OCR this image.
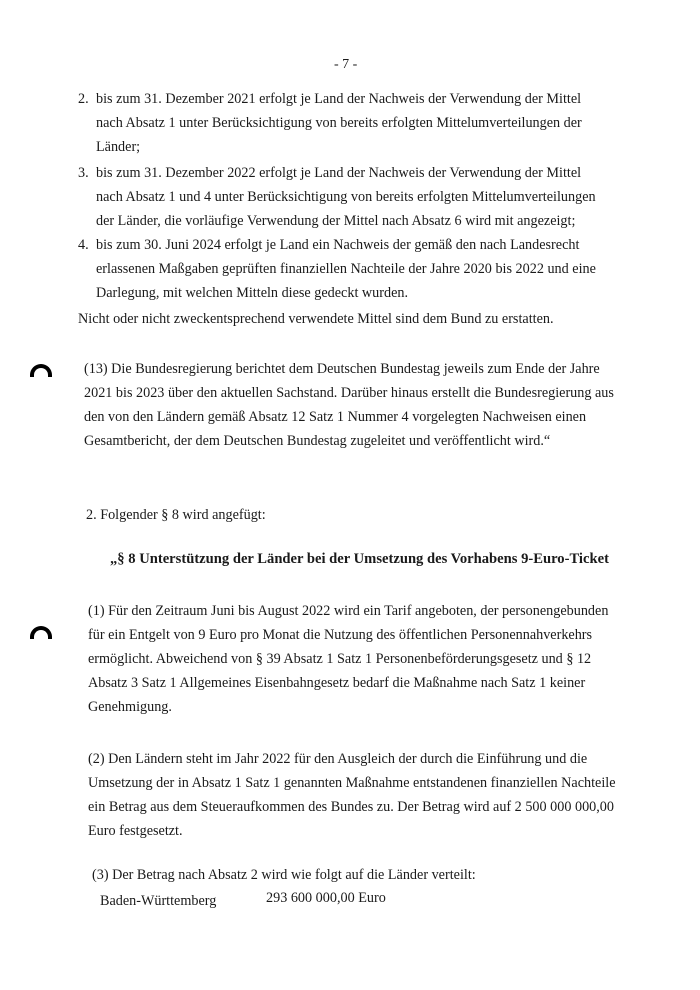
- 7 -
2. bis zum 31. Dezember 2021 erfolgt je Land der Nachweis der Verwendung der Mittel
nach Absatz 1 unter Berücksichtigung von bereits erfolgten Mittelumverteilungen der
Länder;
3. bis zum 31. Dezember 2022 erfolgt je Land der Nachweis der Verwendung der Mittel
nach Absatz 1 und 4 unter Berücksichtigung von bereits erfolgten Mittelumverteilungen
der Länder, die vorläufige Verwendung der Mittel nach Absatz 6 wird mit angezeigt;
4. bis zum 30. Juni 2024 erfolgt je Land ein Nachweis der gemäß den nach Landesrecht
erlassenen Maßgaben geprüften finanziellen Nachteile der Jahre 2020 bis 2022 und eine
Darlegung, mit welchen Mitteln diese gedeckt wurden.
Nicht oder nicht zweckentsprechend verwendete Mittel sind dem Bund zu erstatten.
(13) Die Bundesregierung berichtet dem Deutschen Bundestag jeweils zum Ende der Jahre
2021 bis 2023 über den aktuellen Sachstand. Darüber hinaus erstellt die Bundesregierung aus
den von den Ländern gemäß Absatz 12 Satz 1 Nummer 4 vorgelegten Nachweisen einen
Gesamtbericht, der dem Deutschen Bundestag zugeleitet und veröffentlicht wird.“
2. Folgender § 8 wird angefügt:
„§ 8 Unterstützung der Länder bei der Umsetzung des Vorhabens 9-Euro-Ticket
(1) Für den Zeitraum Juni bis August 2022 wird ein Tarif angeboten, der personengebunden
für ein Entgelt von 9 Euro pro Monat die Nutzung des öffentlichen Personennahverkehrs
ermöglicht. Abweichend von § 39 Absatz 1 Satz 1 Personenbeförderungsgesetz und § 12
Absatz 3 Satz 1 Allgemeines Eisenbahngesetz bedarf die Maßnahme nach Satz 1 keiner
Genehmigung.
(2) Den Ländern steht im Jahr 2022 für den Ausgleich der durch die Einführung und die
Umsetzung der in Absatz 1 Satz 1 genannten Maßnahme entstandenen finanziellen Nachteile
ein Betrag aus dem Steueraufkommen des Bundes zu. Der Betrag wird auf 2 500 000 000,00
Euro festgesetzt.
(3) Der Betrag nach Absatz 2 wird wie folgt auf die Länder verteilt:
Baden-Württemberg	293 600 000,00 Euro
